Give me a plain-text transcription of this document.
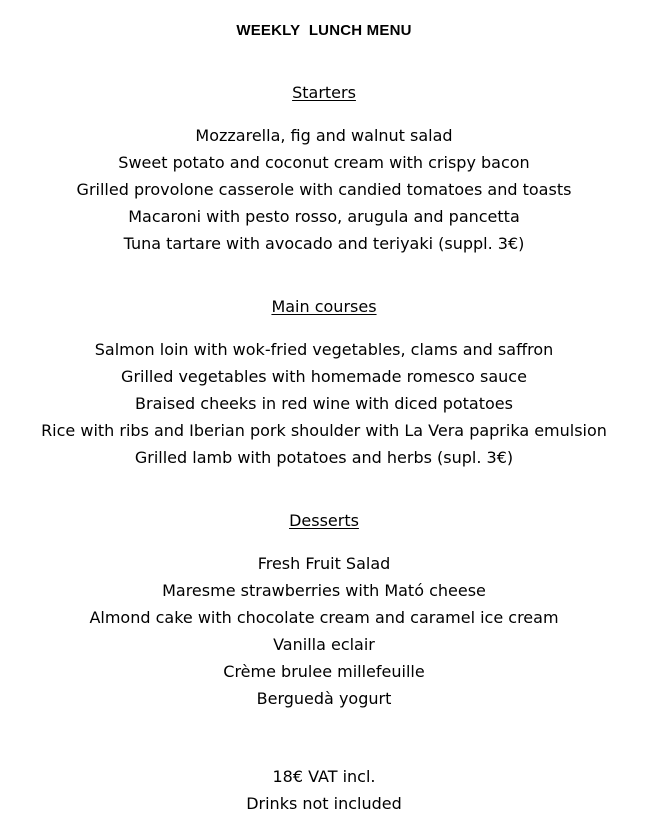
WEEKLY  LUNCH MENU
Starters
Mozzarella, fig and walnut salad
Sweet potato and coconut cream with crispy bacon
Grilled provolone casserole with candied tomatoes and toasts
Macaroni with pesto rosso, arugula and pancetta
Tuna tartare with avocado and teriyaki (suppl. 3€)
Main courses
Salmon loin with wok-fried vegetables, clams and saffron
Grilled vegetables with homemade romesco sauce
Braised cheeks in red wine with diced potatoes
Rice with ribs and Iberian pork shoulder with La Vera paprika emulsion
Grilled lamb with potatoes and herbs (supl. 3€)
Desserts
Fresh Fruit Salad
Maresme strawberries with Mató cheese
Almond cake with chocolate cream and caramel ice cream
Vanilla eclair
Crème brulee millefeuille
Berguedà yogurt

18€ VAT incl.

Drinks not included
